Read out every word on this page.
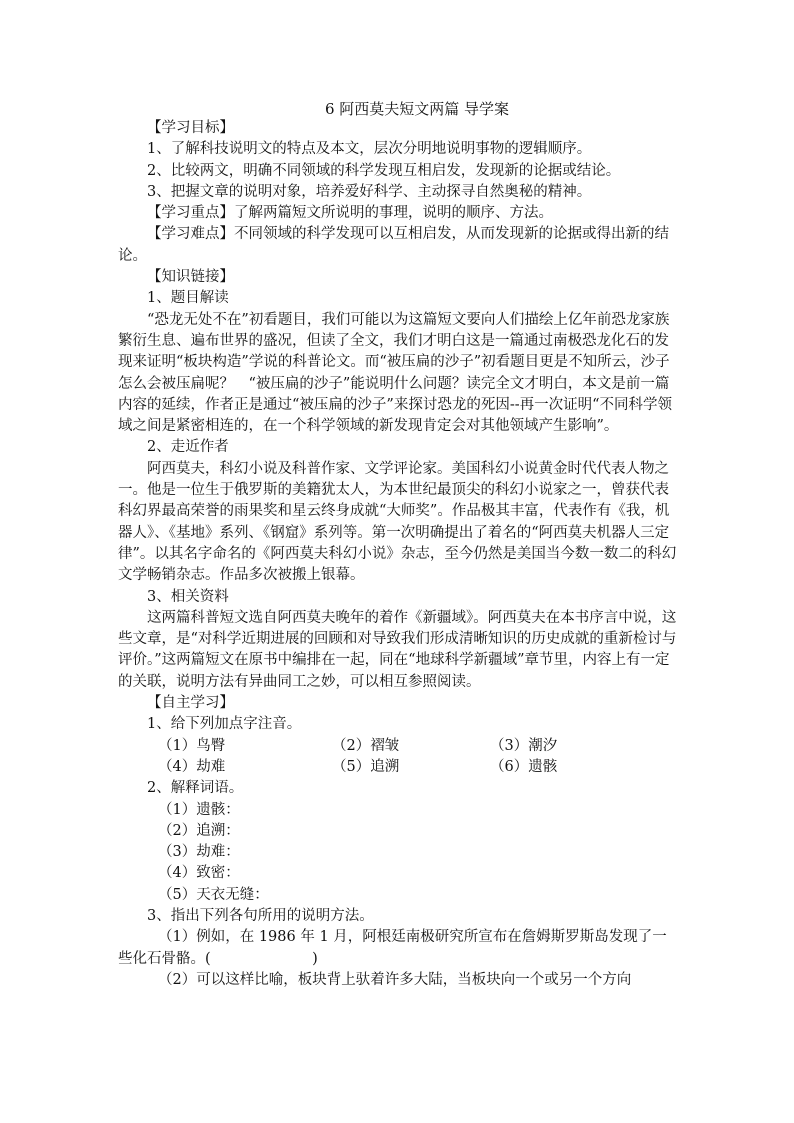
6 阿西莫夫短文两篇 导学案

【学习目标】

1、了解科技说明文的特点及本文，层次分明地说明事物的逻辑顺序。

2、比较两文，明确不同领域的科学发现互相启发，发现新的论据或结论。

3、把握文章的说明对象，培养爱好科学、主动探寻自然奥秘的精神。

【学习重点】了解两篇短文所说明的事理，说明的顺序、方法。

【学习难点】不同领域的科学发现可以互相启发，从而发现新的论据或得出新的结论。

【知识链接】

1、题目解读

“恐龙无处不在”初看题目，我们可能以为这篇短文要向人们描绘上亿年前恐龙家族繁衍生息、遍布世界的盛况，但读了全文，我们才明白这是一篇通过南极恐龙化石的发现来证明“板块构造”学说的科普论文。而“被压扁的沙子”初看题目更是不知所云，沙子怎么会被压扁呢？　“被压扁的沙子”能说明什么问题？读完全文才明白，本文是前一篇内容的延续，作者正是通过“被压扁的沙子”来探讨恐龙的死因--再一次证明“不同科学领域之间是紧密相连的，在一个科学领域的新发现肯定会对其他领域产生影响”。

2、走近作者

阿西莫夫，科幻小说及科普作家、文学评论家。美国科幻小说黄金时代代表人物之一。他是一位生于俄罗斯的美籍犹太人，为本世纪最顶尖的科幻小说家之一，曾获代表科幻界最高荣誉的雨果奖和星云终身成就“大师奖”。作品极其丰富，代表作有《我，机器人》、《基地》系列、《钢窟》系列等。第一次明确提出了着名的“阿西莫夫机器人三定律”。以其名字命名的《阿西莫夫科幻小说》杂志，至今仍然是美国当今数一数二的科幻文学畅销杂志。作品多次被搬上银幕。

3、相关资料

这两篇科普短文选自阿西莫夫晚年的着作《新疆域》。阿西莫夫在本书序言中说，这些文章，是“对科学近期进展的回顾和对导致我们形成清晰知识的历史成就的重新检讨与评价。”这两篇短文在原书中编排在一起，同在“地球科学新疆域”章节里，内容上有一定的关联，说明方法有异曲同工之妙，可以相互参照阅读。

【自主学习】

1、给下列加点字注音。

（1）鸟臀	（2）褶皱	（3）潮汐
（4）劫难	（5）追溯	（6）遗骸

2、解释词语。

（1）遗骸：

（2）追溯：

（3）劫难：

（4）致密：

（5）天衣无缝：

3、指出下列各句所用的说明方法。

（1）例如，在 1986 年 1 月，阿根廷南极研究所宣布在詹姆斯罗斯岛发现了一些化石骨骼。(　　　　　　　)

（2）可以这样比喻，板块背上驮着许多大陆，当板块向一个或另一个方向
